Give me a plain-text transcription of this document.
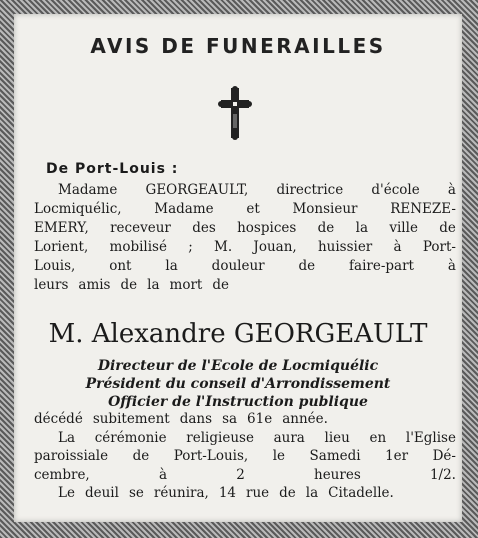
AVIS DE FUNERAILLES
De Port-Louis :
Madame GEORGEAULT, directrice d'école à
Locmiquélic, Madame et Monsieur RENEZE-
EMERY, receveur des hospices de la ville de
Lorient, mobilisé ; M. Jouan, huissier à Port-
Louis,	ont	la	douleur	de	faire-part	à
leurs amis de la mort de
M. Alexandre GEORGEAULT
Directeur de l'Ecole de Locmiquélic
Président du conseil d'Arrondissement
Officier de l'Instruction publique
décédé subitement dans sa 61e année.
La cérémonie religieuse aura lieu en l'Eglise
paroissiale de Port-Louis, le Samedi 1er Dé-
cembre,	à	2	heures	1/2.
Le deuil se réunira, 14 rue de la Citadelle.
